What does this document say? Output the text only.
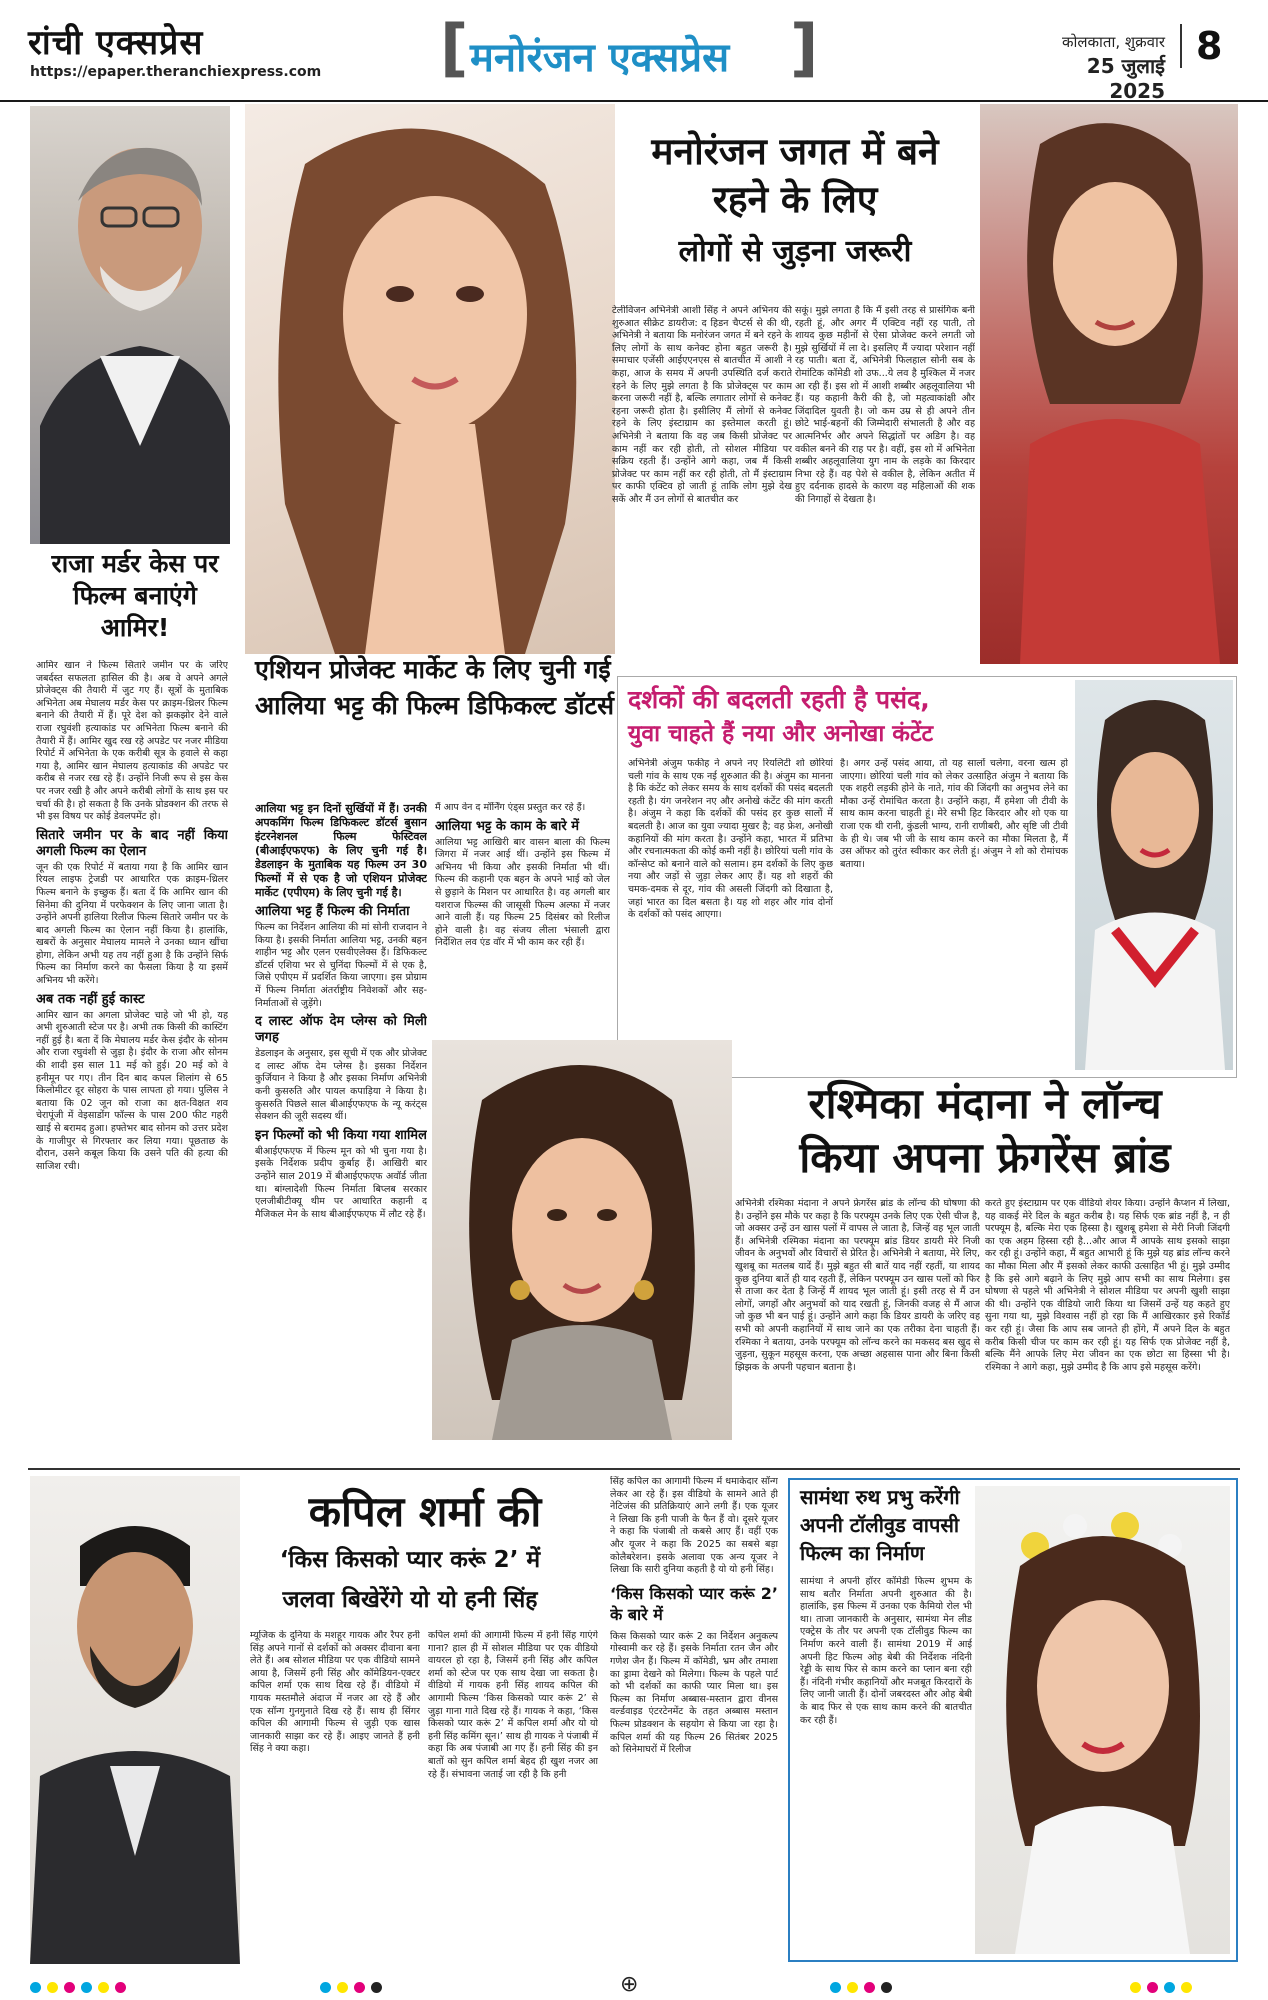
रांची एक्सप्रेस
https://epaper.theranchiexpress.com [ मनोरंजन एक्सप्रेस ]	कोलकाता, शुक्रवार
25 जुलाई 2025
8
राजा मर्डर केस पर फिल्म बनाएंगे आमिर!

आमिर खान ने फिल्म सितारे जमीन पर के जरिए जबर्दस्त सफलता हासिल की है। अब वे अपने अगले प्रोजेक्ट्स की तैयारी में जुट गए हैं। सूत्रों के मुताबिक अभिनेता अब मेघालय मर्डर केस पर क्राइम-थ्रिलर फिल्म बनाने की तैयारी में हैं। पूरे देश को झकझोर देने वाले राजा रघुवंशी हत्याकांड पर अभिनेता फिल्म बनाने की तैयारी में हैं। आमिर खुद रख रहे अपडेट पर नजर मीडिया रिपोर्ट में अभिनेता के एक करीबी सूत्र के हवाले से कहा गया है, आमिर खान मेघालय हत्याकांड की अपडेट पर करीब से नजर रख रहे हैं। उन्होंने निजी रूप से इस केस पर नजर रखी है और अपने करीबी लोगों के साथ इस पर चर्चा की है। हो सकता है कि उनके प्रोडक्शन की तरफ से भी इस विषय पर कोई डेवलपमेंट हो।

सितारे जमीन पर के बाद नहीं किया अगली फिल्म का ऐलान

जून की एक रिपोर्ट में बताया गया है कि आमिर खान रियल लाइफ ट्रेजडी पर आधारित एक क्राइम-थ्रिलर फिल्म बनाने के इच्छुक हैं। बता दें कि आमिर खान की सिनेमा की दुनिया में परफेक्शन के लिए जाना जाता है। उन्होंने अपनी हालिया रिलीज फिल्म सितारे जमीन पर के बाद अगली फिल्म का ऐलान नहीं किया है। हालांकि, खबरों के अनुसार मेघालय मामले ने उनका ध्यान खींचा होगा, लेकिन अभी यह तय नहीं हुआ है कि उन्होंने सिर्फ फिल्म का निर्माण करने का फैसला किया है या इसमें अभिनय भी करेंगे।

अब तक नहीं हुई कास्ट

आमिर खान का अगला प्रोजेक्ट चाहे जो भी हो, यह अभी शुरुआती स्टेज पर है। अभी तक किसी की कास्टिंग नहीं हुई है। बता दें कि मेघालय मर्डर केस इंदौर के सोनम और राजा रघुवंशी से जुड़ा है। इंदौर के राजा और सोनम की शादी इस साल 11 मई को हुई। 20 मई को वे हनीमून पर गए। तीन दिन बाद कपल शिलांग से 65 किलोमीटर दूर सोहरा के पास लापता हो गया। पुलिस ने बताया कि 02 जून को राजा का क्षत-विक्षत शव चेरापूंजी में वेइसाडोंग फॉल्स के पास 200 फीट गहरी खाई से बरामद हुआ। हफ्तेभर बाद सोनम को उत्तर प्रदेश के गाजीपुर से गिरफ्तार कर लिया गया। पूछताछ के दौरान, उसने कबूल किया कि उसने पति की हत्या की साजिश रची।

एशियन प्रोजेक्ट मार्केट के लिए चुनी गई आलिया भट्ट की फिल्म डिफिकल्ट डॉटर्स

आलिया भट्ट इन दिनों सुर्खियों में हैं। उनकी अपकमिंग फिल्म डिफिकल्ट डॉटर्स बुसान इंटरनेशनल फिल्म फेस्टिवल (बीआईएफएफ) के लिए चुनी गई है। डेडलाइन के मुताबिक यह फिल्म उन 30 फिल्मों में से एक है जो एशियन प्रोजेक्ट मार्केट (एपीएम) के लिए चुनी गई है।

आलिया भट्ट हैं फिल्म की निर्माता

फिल्म का निर्देशन आलिया की मां सोनी राजदान ने किया है। इसकी निर्माता आलिया भट्ट, उनकी बहन शाहीन भट्ट और एलन एसवीएलेक्स हैं। डिफिकल्ट डॉटर्स एशिया भर से चुनिंदा फिल्मों में से एक है, जिसे एपीएम में प्रदर्शित किया जाएगा। इस प्रोग्राम में फिल्म निर्माता अंतर्राष्ट्रीय निवेशकों और सह-निर्माताओं से जुड़ेंगे।

द लास्ट ऑफ देम प्लेग्स को मिली जगह

डेडलाइन के अनुसार, इस सूची में एक और प्रोजेक्ट द लास्ट ऑफ देम प्लेग्स है। इसका निर्देशन कुर्जियान ने किया है और इसका निर्माण अभिनेत्री कनी कुसरुति और पायल कपाड़िया ने किया है। कुसरुति पिछले साल बीआईएफएफ के न्यू करंट्स सेक्शन की जूरी सदस्य थीं।

इन फिल्मों को भी किया गया शामिल

बीआईएफएफ में फिल्म मून को भी चुना गया है। इसके निर्देशक प्रदीप कुर्बाह हैं। आखिरी बार उन्होंने साल 2019 में बीआईएफएफ अवॉर्ड जीता था। बांग्लादेशी फिल्म निर्माता बिप्लब सरकार एलजीबीटीक्यू थीम पर आधारित कहानी द मैजिकल मेन के साथ बीआईएफएफ में लौट रहे हैं।

मैं आप वेन द मॉर्निंग एंड्स प्रस्तुत कर रहे हैं।

आलिया भट्ट के काम के बारे में

आलिया भट्ट आखिरी बार वासन बाला की फिल्म जिगरा में नजर आई थीं। उन्होंने इस फिल्म में अभिनय भी किया और इसकी निर्माता भी थीं। फिल्म की कहानी एक बहन के अपने भाई को जेल से छुड़ाने के मिशन पर आधारित है। वह अगली बार यशराज फिल्म्स की जासूसी फिल्म अल्फा में नजर आने वाली हैं। यह फिल्म 25 दिसंबर को रिलीज होने वाली है। वह संजय लीला भंसाली द्वारा निर्देशित लव एंड वॉर में भी काम कर रही हैं।

मनोरंजन जगत में बने रहने के लिए
लोगों से जुड़ना जरूरी

टेलीविजन अभिनेत्री आशी सिंह ने अपने अभिनय की शुरुआत सीक्रेट डायरीज: द हिडन चैप्टर्स से की थी, अभिनेत्री ने बताया कि मनोरंजन जगत में बने रहने के लिए लोगों के साथ कनेक्ट होना बहुत जरूरी है। समाचार एजेंसी आईएएनएस से बातचीत में आशी ने कहा, आज के समय में अपनी उपस्थिति दर्ज कराते रहने के लिए मुझे लगता है कि प्रोजेक्ट्स पर काम करना जरूरी नहीं है, बल्कि लगातार लोगों से कनेक्ट रहना जरूरी होता है। इसीलिए मैं लोगों से कनेक्ट रहने के लिए इंस्टाग्राम का इस्तेमाल करती हूं। अभिनेत्री ने बताया कि वह जब किसी प्रोजेक्ट पर काम नहीं कर रही होती, तो सोशल मीडिया पर सक्रिय रहती हैं। उन्होंने आगे कहा, जब मैं किसी प्रोजेक्ट पर काम नहीं कर रही होती, तो मैं इंस्टाग्राम पर काफी एक्टिव हो जाती हूं ताकि लोग मुझे देख सकें और मैं उन लोगों से बातचीत कर

सकूं। मुझे लगता है कि मैं इसी तरह से प्रासंगिक बनी रहती हूं, और अगर मैं एक्टिव नहीं रह पाती, तो शायद कुछ महीनों से ऐसा प्रोजेक्ट करने लगती जो मुझे सुर्खियों में ला दे। इसलिए मैं ज्यादा परेशान नहीं रह पाती। बता दें, अभिनेत्री फिलहाल सोनी सब के रोमांटिक कॉमेडी शो उफ...ये लव है मुश्किल में नजर आ रही हैं। इस शो में आशी शब्बीर अहलूवालिया भी हैं। यह कहानी कैरी की है, जो महत्वाकांक्षी और जिंदादिल युवती है। जो कम उम्र से ही अपने तीन छोटे भाई-बहनों की जिम्मेदारी संभालती है और वह आत्मनिर्भर और अपने सिद्धांतों पर अडिग है। वह वकील बनने की राह पर है। वहीं, इस शो में अभिनेता शब्बीर अहलूवालिया युग नाम के लड़के का किरदार निभा रहे हैं। वह पेशे से वकील है, लेकिन अतीत में हुए दर्दनाक हादसे के कारण वह महिलाओं की शक की निगाहों से देखता है।

दर्शकों की बदलती रहती है पसंद,
युवा चाहते हैं नया और अनोखा कंटेंट

अभिनेत्री अंजुम फकीह ने अपने नए रियलिटी शो छोरियां चली गांव के साथ एक नई शुरुआत की है। अंजुम का मानना है कि कंटेंट को लेकर समय के साथ दर्शकों की पसंद बदलती रहती है। यंग जनरेशन नए और अनोखे कंटेंट की मांग करती है। अंजुम ने कहा कि दर्शकों की पसंद हर कुछ सालों में बदलती है। आज का युवा ज्यादा मुखर है; वह फ्रेश, अनोखी कहानियों की मांग करता है। उन्होंने कहा, भारत में प्रतिभा और रचनात्मकता की कोई कमी नहीं है। छोरियां चली गांव के कॉन्सेप्ट को बनाने वाले को सलाम। हम दर्शकों के लिए कुछ नया और जड़ों से जुड़ा लेकर आए हैं। यह शो शहरों की चमक-दमक से दूर, गांव की असली जिंदगी को दिखाता है, जहां भारत का दिल बसता है। यह शो शहर और गांव दोनों के दर्शकों को पसंद आएगा।

है। अगर उन्हें पसंद आया, तो यह सालों चलेगा, वरना खत्म हो जाएगा। छोरियां चली गांव को लेकर उत्साहित अंजुम ने बताया कि एक शहरी लड़की होने के नाते, गांव की जिंदगी का अनुभव लेने का मौका उन्हें रोमांचित करता है। उन्होंने कहा, मैं हमेशा जी टीवी के साथ काम करना चाहती हूं। मेरे सभी हिट किरदार और शो एक या राजा एक थी रानी, कुंडली भाग्य, रानी राणीबरी, और सृष्टि जी टीवी के ही थे। जब भी जी के साथ काम करने का मौका मिलता है, मैं उस ऑफर को तुरंत स्वीकार कर लेती हूं। अंजुम ने शो को रोमांचक बताया।

रश्मिका मंदाना ने लॉन्च
किया अपना फ्रेगरेंस ब्रांड

अभिनेत्री रश्मिका मंदाना ने अपने फ्रेगरेंस ब्रांड के लॉन्च की घोषणा की है। उन्होंने इस मौके पर कहा है कि परफ्यूम उनके लिए एक ऐसी चीज है, जो अक्सर उन्हें उन खास पलों में वापस ले जाता है, जिन्हें वह भूल जाती हैं। अभिनेत्री रश्मिका मंदाना का परफ्यूम ब्रांड डियर डायरी मेरे निजी जीवन के अनुभवों और विचारों से प्रेरित है। अभिनेत्री ने बताया, मेरे लिए, खुशबू का मतलब यादें हैं। मुझे बहुत सी बातें याद नहीं रहतीं, या शायद कुछ दुनिया बातें ही याद रहती हैं, लेकिन परफ्यूम उन खास पलों को फिर से ताजा कर देता है जिन्हें मैं शायद भूल जाती हूं। इसी तरह से मैं उन लोगों, जगहों और अनुभवों को याद रखती हूं, जिनकी वजह से मैं आज जो कुछ भी बन पाई हूं। उन्होंने आगे कहा कि डियर डायरी के जरिए वह सभी को अपनी कहानियों में साथ जाने का एक तरीका देना चाहती हैं। रश्मिका ने बताया, उनके परफ्यूम को लॉन्च करने का मकसद बस खुद से जुड़ना, सुकून महसूस करना, एक अच्छा अहसास पाना और बिना किसी झिझक के अपनी पहचान बताना है।

करते हुए इंस्टाग्राम पर एक वीडियो शेयर किया। उन्होंने कैप्शन में लिखा, यह वाकई मेरे दिल के बहुत करीब है। यह सिर्फ एक ब्रांड नहीं है, न ही परफ्यूम है, बल्कि मेरा एक हिस्सा है। खुशबू हमेशा से मेरी निजी जिंदगी का एक अहम हिस्सा रही है...और आज मैं आपके साथ इसको साझा कर रही हूं। उन्होंने कहा, मैं बहुत आभारी हूं कि मुझे यह ब्रांड लॉन्च करने का मौका मिला और मैं इसको लेकर काफी उत्साहित भी हूं। मुझे उम्मीद है कि इसे आगे बढ़ाने के लिए मुझे आप सभी का साथ मिलेगा। इस घोषणा से पहले भी अभिनेत्री ने सोशल मीडिया पर अपनी खुशी साझा की थी। उन्होंने एक वीडियो जारी किया था जिसमें उन्हें यह कहते हुए सुना गया था, मुझे विश्वास नहीं हो रहा कि मैं आखिरकार इसे रिकॉर्ड कर रही हूं। जैसा कि आप सब जानते ही होंगे, मैं अपने दिल के बहुत करीब किसी चीज पर काम कर रही हूं। यह सिर्फ एक प्रोजेक्ट नहीं है, बल्कि मैंने आपके लिए मेरा जीवन का एक छोटा सा हिस्सा भी है। रश्मिका ने आगे कहा, मुझे उम्मीद है कि आप इसे महसूस करेंगे।

कपिल शर्मा की
‘किस किसको प्यार करूं 2’ में
जलवा बिखेरेंगे यो यो हनी सिंह

म्यूजिक के दुनिया के मशहूर गायक और रैपर हनी सिंह अपने गानों से दर्शकों को अक्सर दीवाना बना लेते हैं। अब सोशल मीडिया पर एक वीडियो सामने आया है, जिसमें हनी सिंह और कॉमेडियन-एक्टर कपिल शर्मा एक साथ दिख रहे हैं। वीडियो में गायक मस्तमौले अंदाज में नजर आ रहे हैं और एक सॉन्ग गुनगुनाते दिख रहे हैं। साथ ही सिंगर कपिल की आगामी फिल्म से जुड़ी एक खास जानकारी साझा कर रहे हैं। आइए जानते हैं हनी सिंह ने क्या कहा।

कपिल शर्मा की आगामी फिल्म में हनी सिंह गाएंगे गाना? हाल ही में सोशल मीडिया पर एक वीडियो वायरल हो रहा है, जिसमें हनी सिंह और कपिल शर्मा को स्टेज पर एक साथ देखा जा सकता है। वीडियो में गायक हनी सिंह शायद कपिल की आगामी फिल्म ‘किस किसको प्यार करूं 2’ से जुड़ा गाना गाते दिख रहे हैं। गायक ने कहा, ‘किस किसको प्यार करूं 2’ में कपिल शर्मा और यो यो हनी सिंह कमिंग सून।’ साथ ही गायक ने पंजाबी में कहा कि अब पंजाबी आ गए हैं। हनी सिंह की इन बातों को सुन कपिल शर्मा बेहद ही खुश नजर आ रहे हैं। संभावना जताई जा रही है कि हनी

सिंह कपिल का आगामी फिल्म में धमाकेदार सॉन्ग लेकर आ रहे हैं। इस वीडियो के सामने आते ही नेटिजंस की प्रतिक्रियाएं आने लगी हैं। एक यूजर ने लिखा कि हनी पाजी के फैन हैं वो। दूसरे यूजर ने कहा कि पंजाबी तो कबसे आए हैं। वहीं एक और यूजर ने कहा कि 2025 का सबसे बड़ा कोलैबरेशन। इसके अलावा एक अन्य यूजर ने लिखा कि सारी दुनिया कहती है यो यो हनी सिंह।

‘किस किसको प्यार करूं 2’ के बारे में

किस किसको प्यार करूं 2 का निर्देशन अनुकल्प गोस्वामी कर रहे हैं। इसके निर्माता रतन जैन और गणेश जैन हैं। फिल्म में कॉमेडी, भ्रम और तमाशा का ड्रामा देखने को मिलेगा। फिल्म के पहले पार्ट को भी दर्शकों का काफी प्यार मिला था। इस फिल्म का निर्माण अब्बास-मस्तान द्वारा वीनस वर्ल्डवाइड एंटरटेनमेंट के तहत अब्बास मस्तान फिल्म प्रोडक्शन के सहयोग से किया जा रहा है। कपिल शर्मा की यह फिल्म 26 सितंबर 2025 को सिनेमाघरों में रिलीज

सामंथा रुथ प्रभु करेंगी
अपनी टॉलीवुड वापसी
फिल्म का निर्माण

सामंथा ने अपनी हॉरर कॉमेडी फिल्म शुभम के साथ बतौर निर्माता अपनी शुरुआत की है। हालांकि, इस फिल्म में उनका एक कैमियो रोल भी था। ताजा जानकारी के अनुसार, सामंथा मेन लीड एक्ट्रेस के तौर पर अपनी एक टॉलीवुड फिल्म का निर्माण करने वाली हैं। सामंथा 2019 में आई अपनी हिट फिल्म ओह बेबी की निर्देशक नंदिनी रेड्डी के साथ फिर से काम करने का प्लान बना रही हैं। नंदिनी गंभीर कहानियों और मजबूत किरदारों के लिए जानी जाती हैं। दोनों जबरदस्त और ओह बेबी के बाद फिर से एक साथ काम करने की बातचीत कर रही हैं।

⊕
